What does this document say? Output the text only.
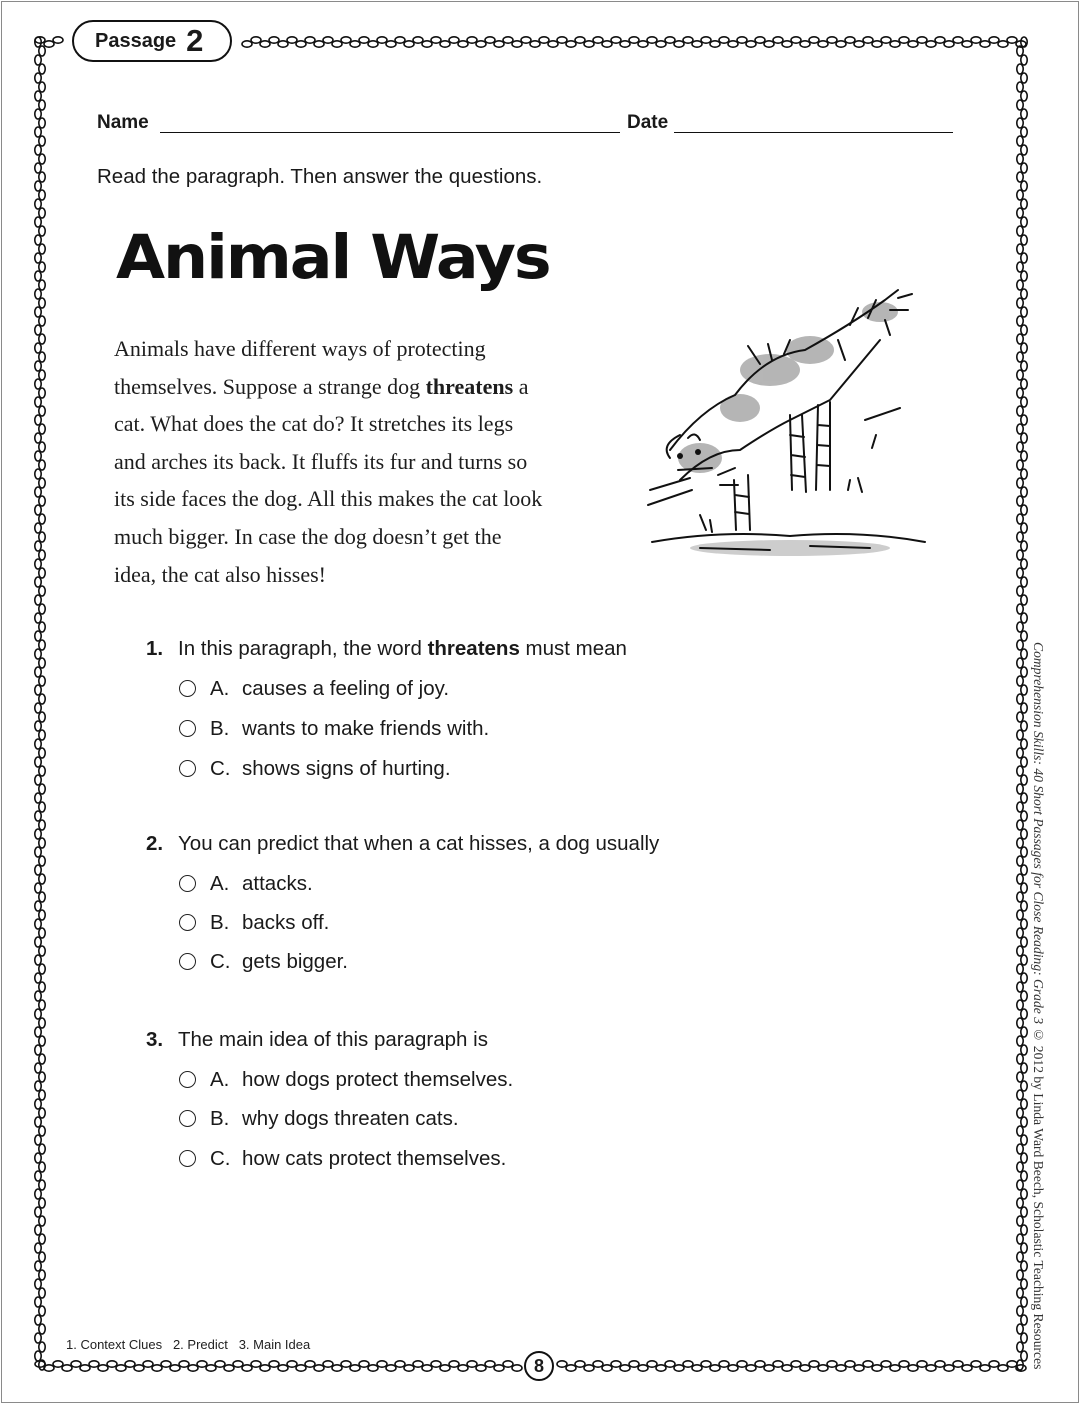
Passage 2
Name	Date
Read the paragraph. Then answer the questions.
Animal Ways
Animals have different ways of protecting
themselves. Suppose a strange dog threatens a
cat. What does the cat do? It stretches its legs
and arches its back. It fluffs its fur and turns so
its side faces the dog. All this makes the cat look
much bigger. In case the dog doesn’t get the
idea, the cat also hisses!
1. In this paragraph, the word threatens must mean
A. causes a feeling of joy.
B. wants to make friends with.
C. shows signs of hurting.
2. You can predict that when a cat hisses, a dog usually
A. attacks.
B. backs off.
C. gets bigger.
3. The main idea of this paragraph is
A. how dogs protect themselves.
B. why dogs threaten cats.
C. how cats protect themselves.
1. Context Clues   2. Predict   3. Main Idea
8
Comprehension Skills: 40 Short Passages for Close Reading: Grade 3 © 2012 by Linda Ward Beech, Scholastic Teaching Resources
